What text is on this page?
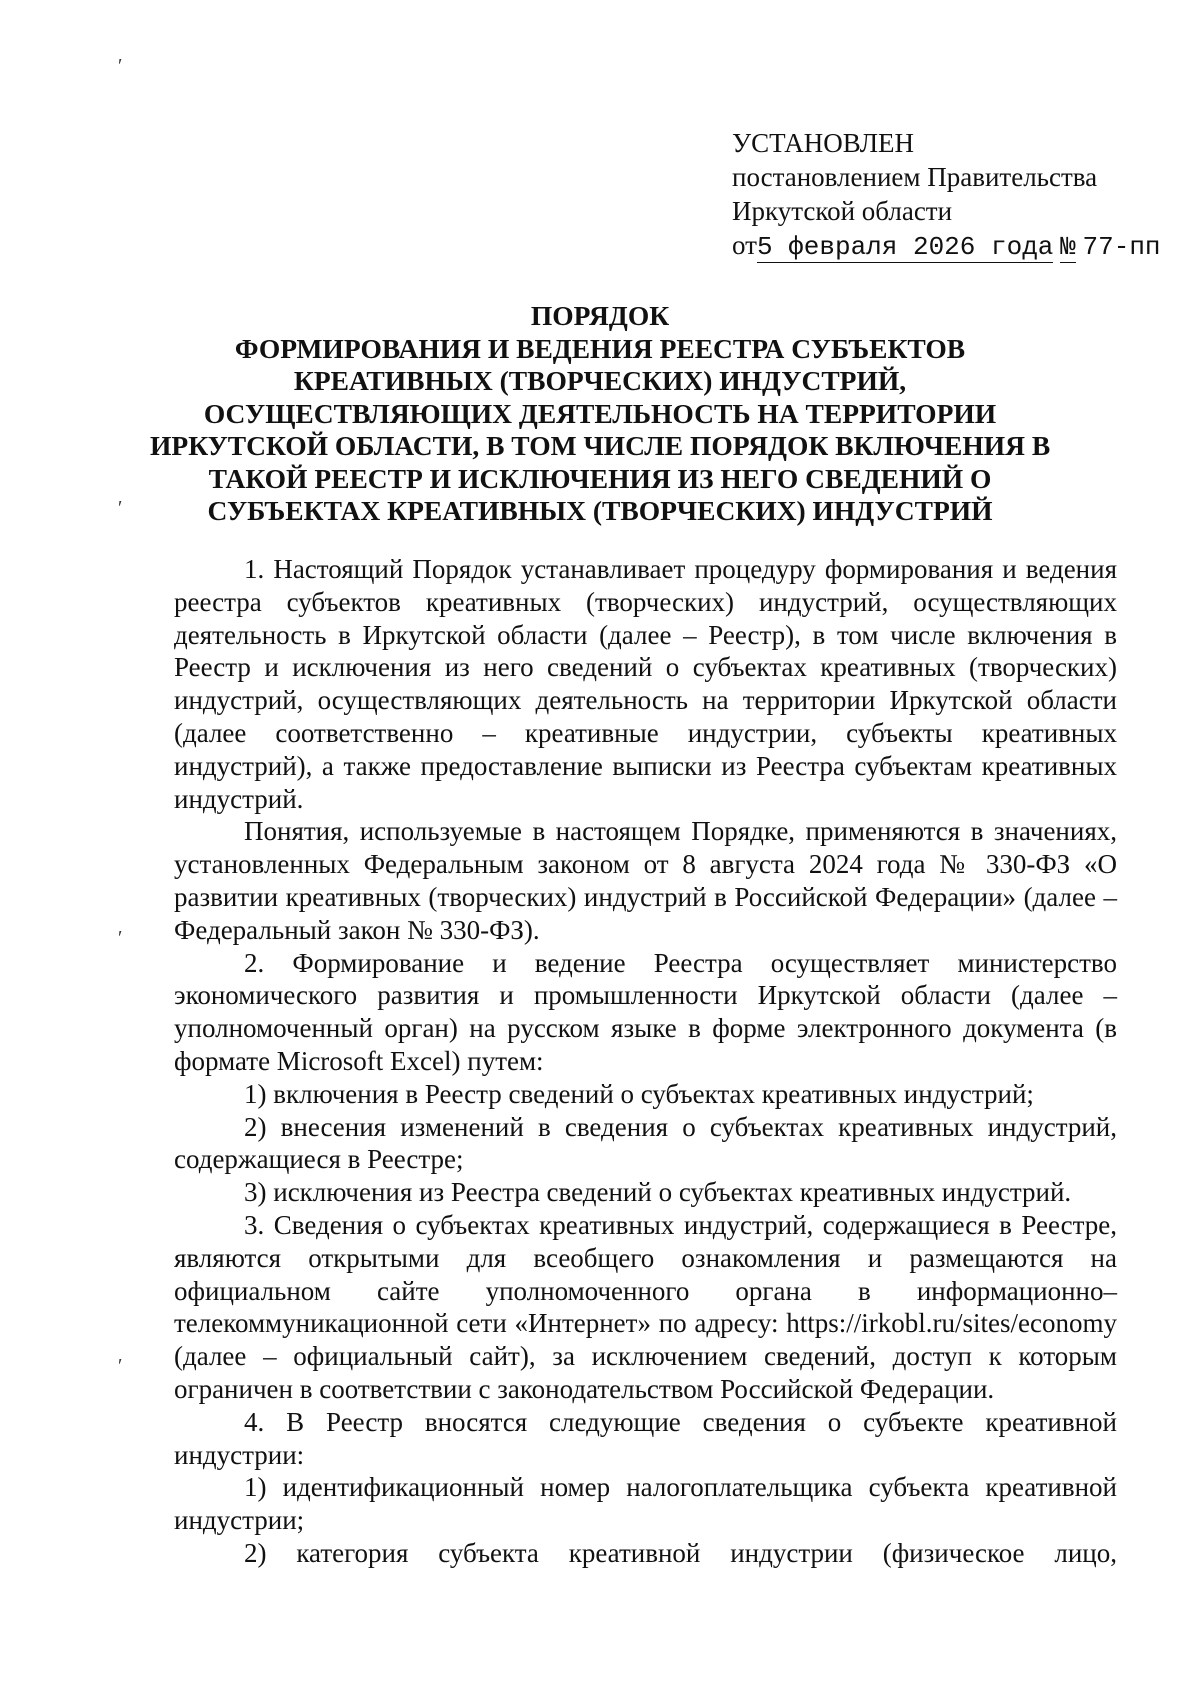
′
′
′
′
УСТАНОВЛЕН
постановлением Правительства
Иркутской области
от5 февраля 2026 года № 77-пп
ПОРЯДОК
ФОРМИРОВАНИЯ И ВЕДЕНИЯ РЕЕСТРА СУБЪЕКТОВ
КРЕАТИВНЫХ (ТВОРЧЕСКИХ) ИНДУСТРИЙ,
ОСУЩЕСТВЛЯЮЩИХ ДЕЯТЕЛЬНОСТЬ НА ТЕРРИТОРИИ
ИРКУТСКОЙ ОБЛАСТИ, В ТОМ ЧИСЛЕ ПОРЯДОК ВКЛЮЧЕНИЯ В
ТАКОЙ РЕЕСТР И ИСКЛЮЧЕНИЯ ИЗ НЕГО СВЕДЕНИЙ О
СУБЪЕКТАХ КРЕАТИВНЫХ (ТВОРЧЕСКИХ) ИНДУСТРИЙ

1. Настоящий Порядок устанавливает процедуру формирования и ведения реестра субъектов креативных (творческих) индустрий, осуществляющих деятельность в Иркутской области (далее – Реестр), в том числе включения в Реестр и исключения из него сведений о субъектах креативных (творческих) индустрий, осуществляющих деятельность на территории Иркутской области (далее соответственно – креативные индустрии, субъекты креативных индустрий), а также предоставление выписки из Реестра субъектам креативных индустрий.

Понятия, используемые в настоящем Порядке, применяются в значениях, установленных Федеральным законом от 8 августа 2024 года № 330-ФЗ «О развитии креативных (творческих) индустрий в Российской Федерации» (далее – Федеральный закон № 330-ФЗ).

2. Формирование и ведение Реестра осуществляет министерство экономического развития и промышленности Иркутской области (далее – уполномоченный орган) на русском языке в форме электронного документа (в формате Microsoft Excel) путем:

1) включения в Реестр сведений о субъектах креативных индустрий;

2) внесения изменений в сведения о субъектах креативных индустрий, содержащиеся в Реестре;

3) исключения из Реестра сведений о субъектах креативных индустрий.

3. Сведения о субъектах креативных индустрий, содержащиеся в Реестре, являются открытыми для всеобщего ознакомления и размещаются на официальном сайте уполномоченного органа в информационно–телекоммуникационной сети «Интернет» по адресу: https://irkobl.ru/sites/economy (далее – официальный сайт), за исключением сведений, доступ к которым ограничен в соответствии с законодательством Российской Федерации.

4. В Реестр вносятся следующие сведения о субъекте креативной индустрии:

1) идентификационный номер налогоплательщика субъекта креативной индустрии;

2) категория субъекта креативной индустрии (физическое лицо,
